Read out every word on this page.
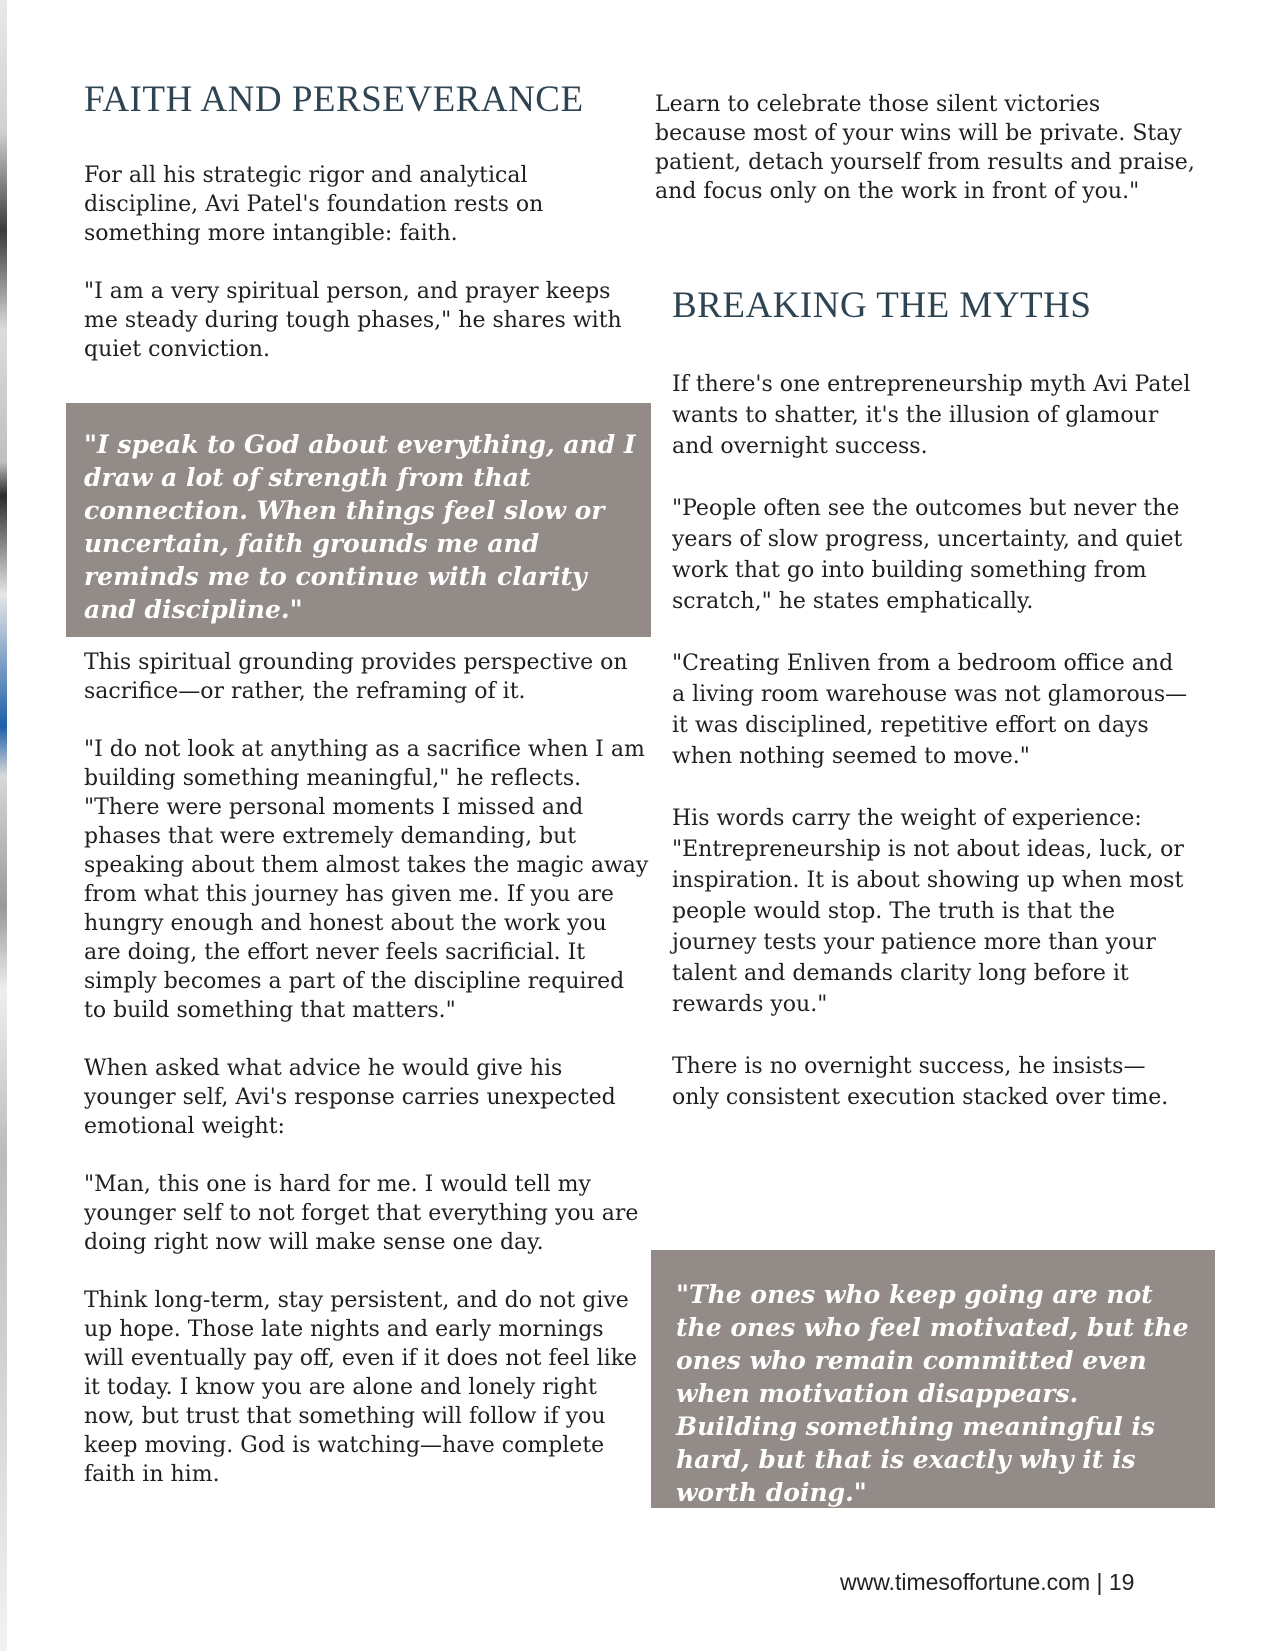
FAITH AND PERSEVERANCE

For all his strategic rigor and analytical discipline, Avi Patel's foundation rests on something more intangible: faith.

"I am a very spiritual person, and prayer keeps me steady during tough phases," he shares with quiet conviction.

"I speak to God about everything, and I draw a lot of strength from that connection. When things feel slow or uncertain, faith grounds me and reminds me to continue with clarity and discipline."

This spiritual grounding provides perspective on sacrifice—or rather, the reframing of it.

"I do not look at anything as a sacrifice when I am building something meaningful," he reflects. "There were personal moments I missed and phases that were extremely demanding, but speaking about them almost takes the magic away from what this journey has given me. If you are hungry enough and honest about the work you are doing, the effort never feels sacrificial. It simply becomes a part of the discipline required to build something that matters."

When asked what advice he would give his younger self, Avi's response carries unexpected emotional weight:

"Man, this one is hard for me. I would tell my younger self to not forget that everything you are doing right now will make sense one day.

Think long-term, stay persistent, and do not give up hope. Those late nights and early mornings will eventually pay off, even if it does not feel like it today. I know you are alone and lonely right now, but trust that something will follow if you keep moving. God is watching—have complete faith in him.

Learn to celebrate those silent victories because most of your wins will be private. Stay patient, detach yourself from results and praise, and focus only on the work in front of you."

BREAKING THE MYTHS

If there's one entrepreneurship myth Avi Patel wants to shatter, it's the illusion of glamour and overnight success.

"People often see the outcomes but never the years of slow progress, uncertainty, and quiet work that go into building something from scratch," he states emphatically.

"Creating Enliven from a bedroom office and a living room warehouse was not glamorous—it was disciplined, repetitive effort on days when nothing seemed to move."

His words carry the weight of experience: "Entrepreneurship is not about ideas, luck, or inspiration. It is about showing up when most people would stop. The truth is that the journey tests your patience more than your talent and demands clarity long before it rewards you."

There is no overnight success, he insists—only consistent execution stacked over time.

"The ones who keep going are not the ones who feel motivated, but the ones who remain committed even when motivation disappears. Building something meaningful is hard, but that is exactly why it is worth doing."

www.timesoffortune.com | 19
